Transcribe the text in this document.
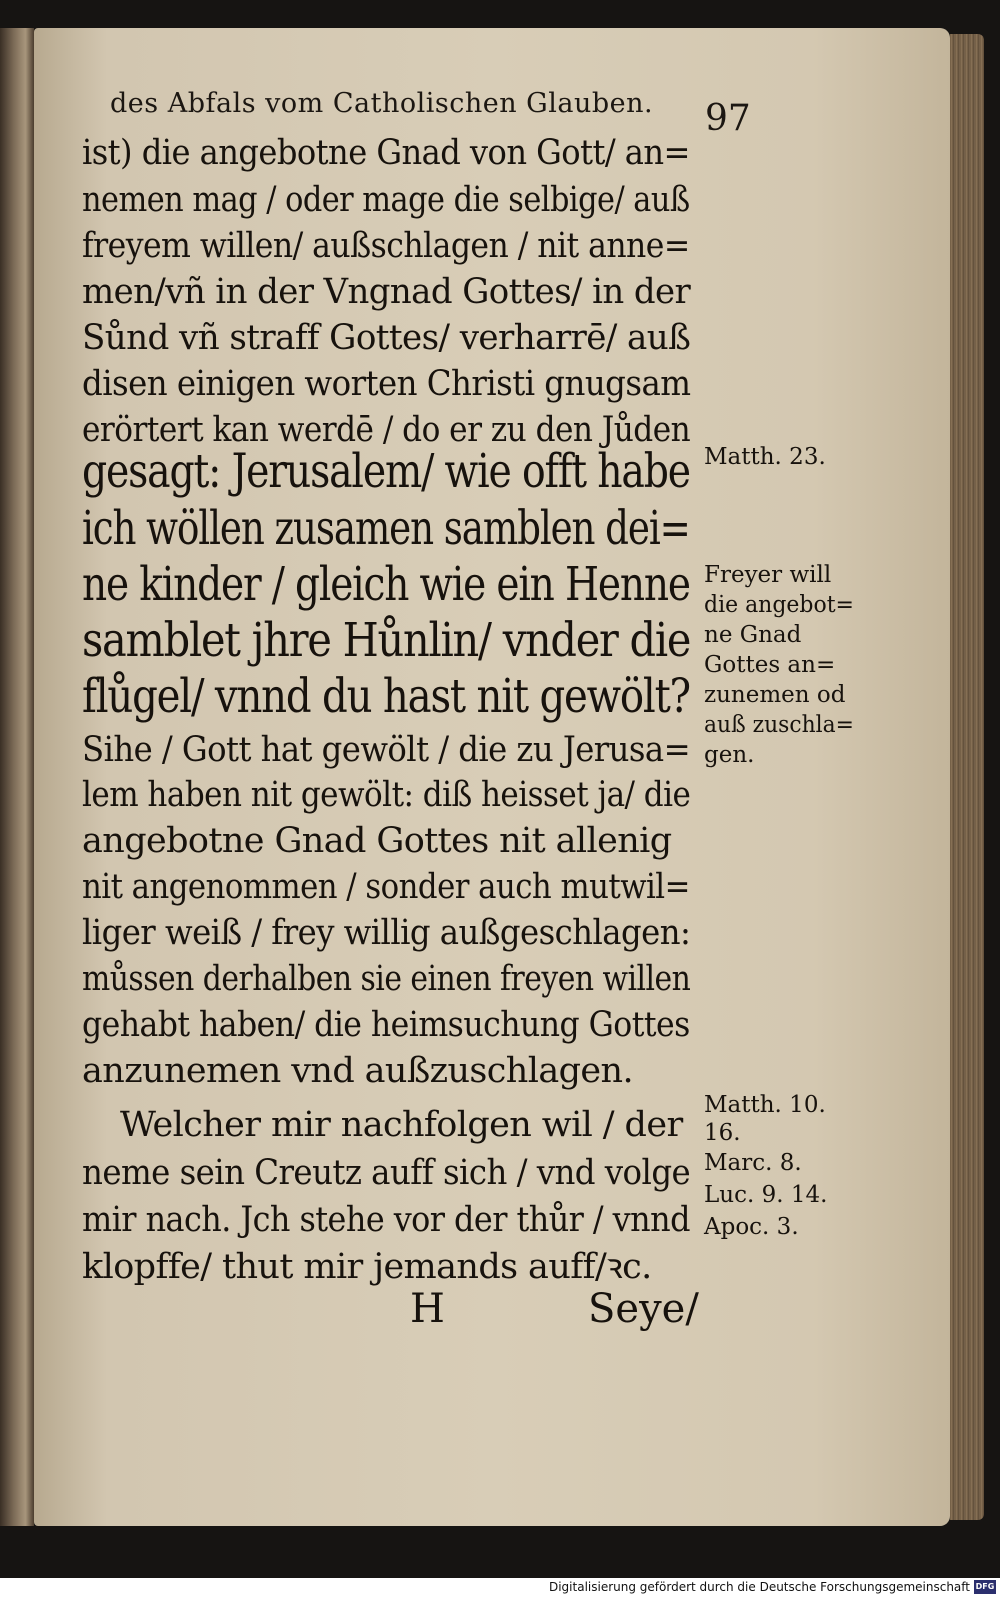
des Abfals vom Catholischen Glauben.	97

ist) die angebotne Gnad von Gott/ an=

nemen mag / oder mage die selbige/ auß

freyem willen/ außschlagen / nit anne=

men/vñ in der Vngnad Gottes/ in der

Sůnd vñ straff Gottes/ verharrē/ auß

disen einigen worten Christi gnugsam

erörtert kan werdē / do er zu den Jůden

gesagt: Jerusalem/ wie offt habe

ich wöllen zusamen samblen dei=

ne kinder / gleich wie ein Henne

samblet jhre Hůnlin/ vnder die

flůgel/ vnnd du hast nit gewölt?

Sihe / Gott hat gewölt / die zu Jerusa=

lem haben nit gewölt: diß heisset ja/ die

angebotne Gnad Gottes nit allenig

nit angenommen / sonder auch mutwil=

liger weiß / frey willig außgeschlagen:

můssen derhalben sie einen freyen willen

gehabt haben/ die heimsuchung Gottes

anzunemen vnd außzuschlagen.

Welcher mir nachfolgen wil / der

neme sein Creutz auff sich / vnd volge

mir nach. Jch stehe vor der thůr / vnnd

klopffe/ thut mir jemands auff/ꝛc.

Matth. 23.

Freyer will

die angebot=

ne Gnad

Gottes an=

zunemen od

auß zuschla=

gen.

Matth. 10.

16.

Marc. 8.

Luc. 9. 14.

Apoc. 3.

H	Seye/
Digitalisierung gefördert durch die Deutsche Forschungsgemeinschaft DFG
